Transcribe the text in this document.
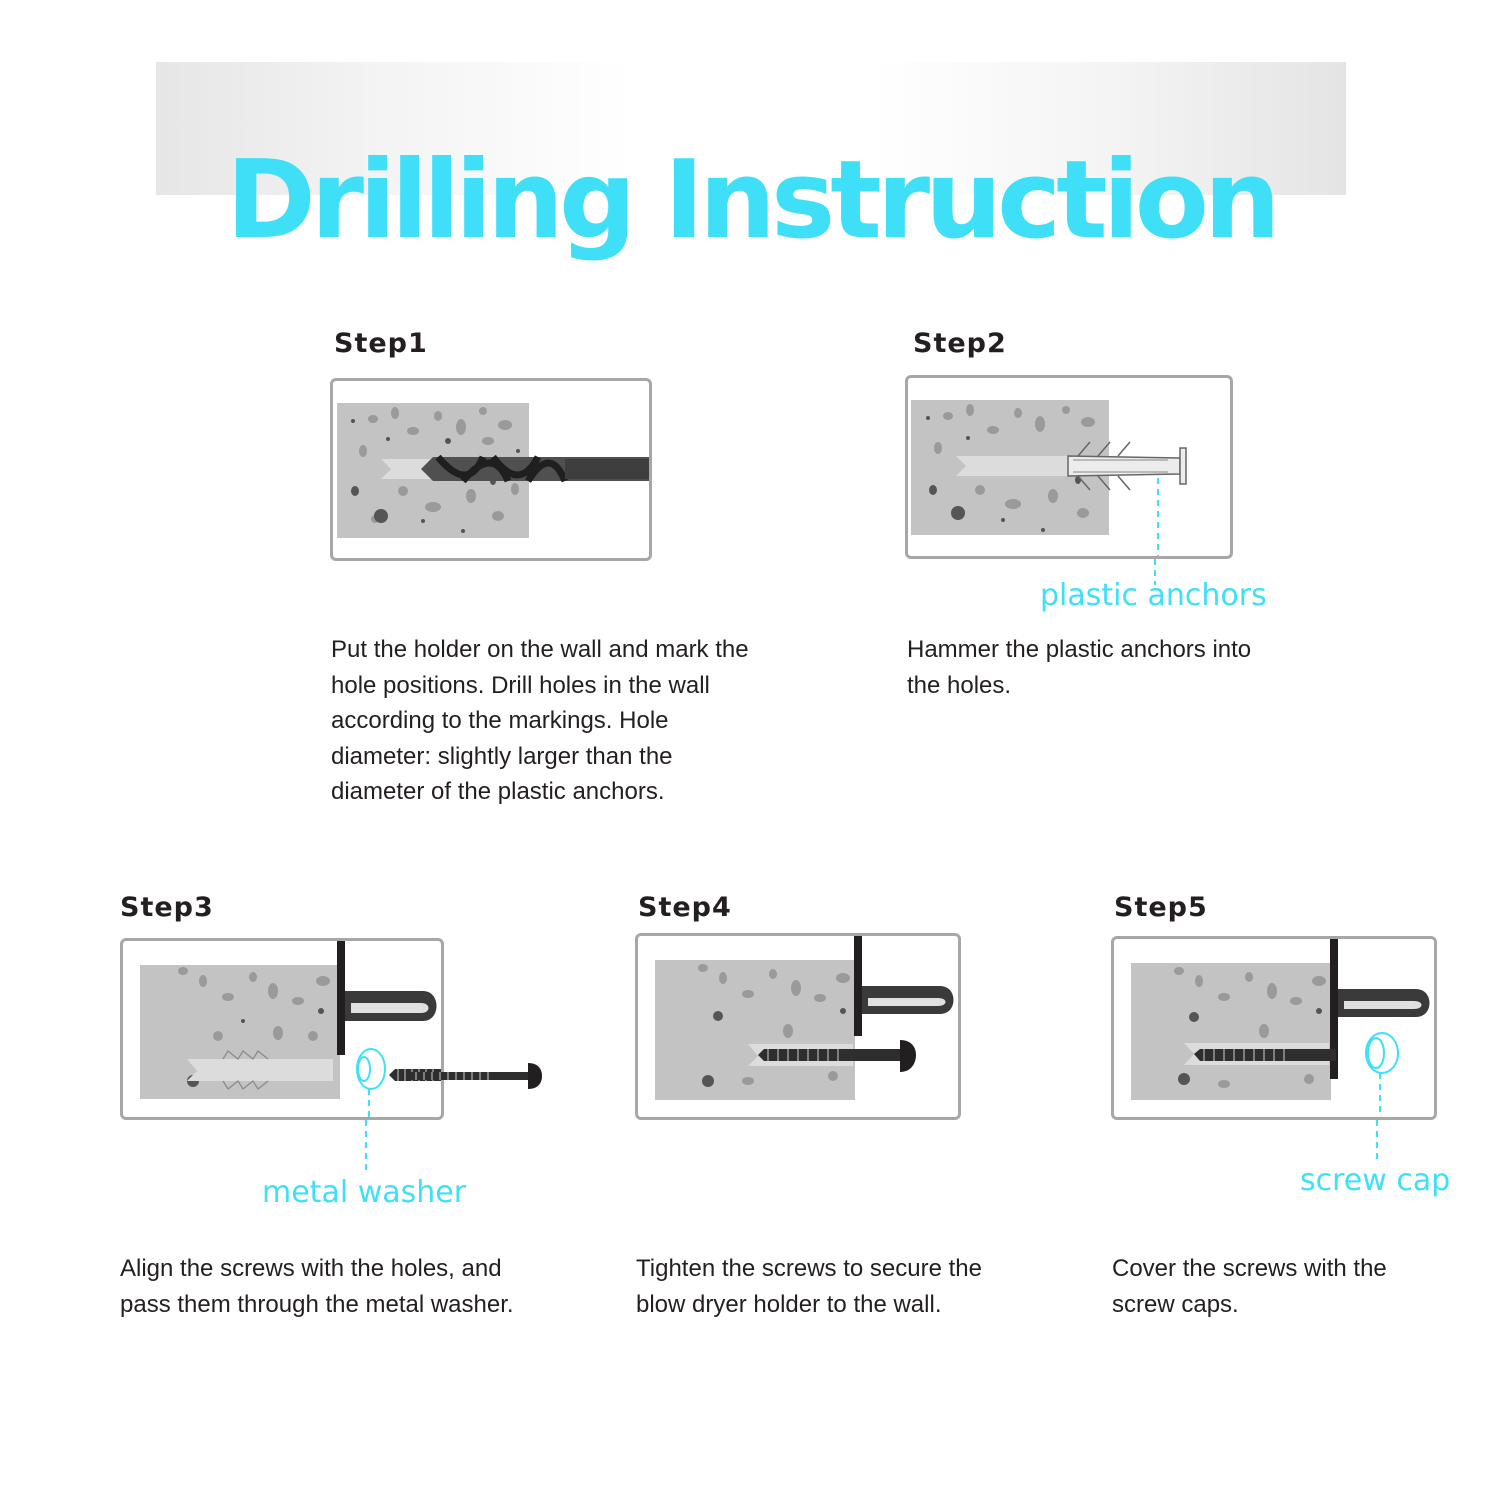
Drilling Instruction
Step1

Put the holder on the wall and mark the hole positions. Drill holes in the wall according to the markings. Hole diameter: slightly larger than the diameter of the plastic anchors.

Step2

plastic anchors

Hammer the plastic anchors into the holes.

Step3

metal washer

Align the screws with the holes, and pass them through the metal washer.

Step4

Tighten the screws to secure the blow dryer holder to the wall.

Step5

screw cap

Cover the screws with the screw caps.
